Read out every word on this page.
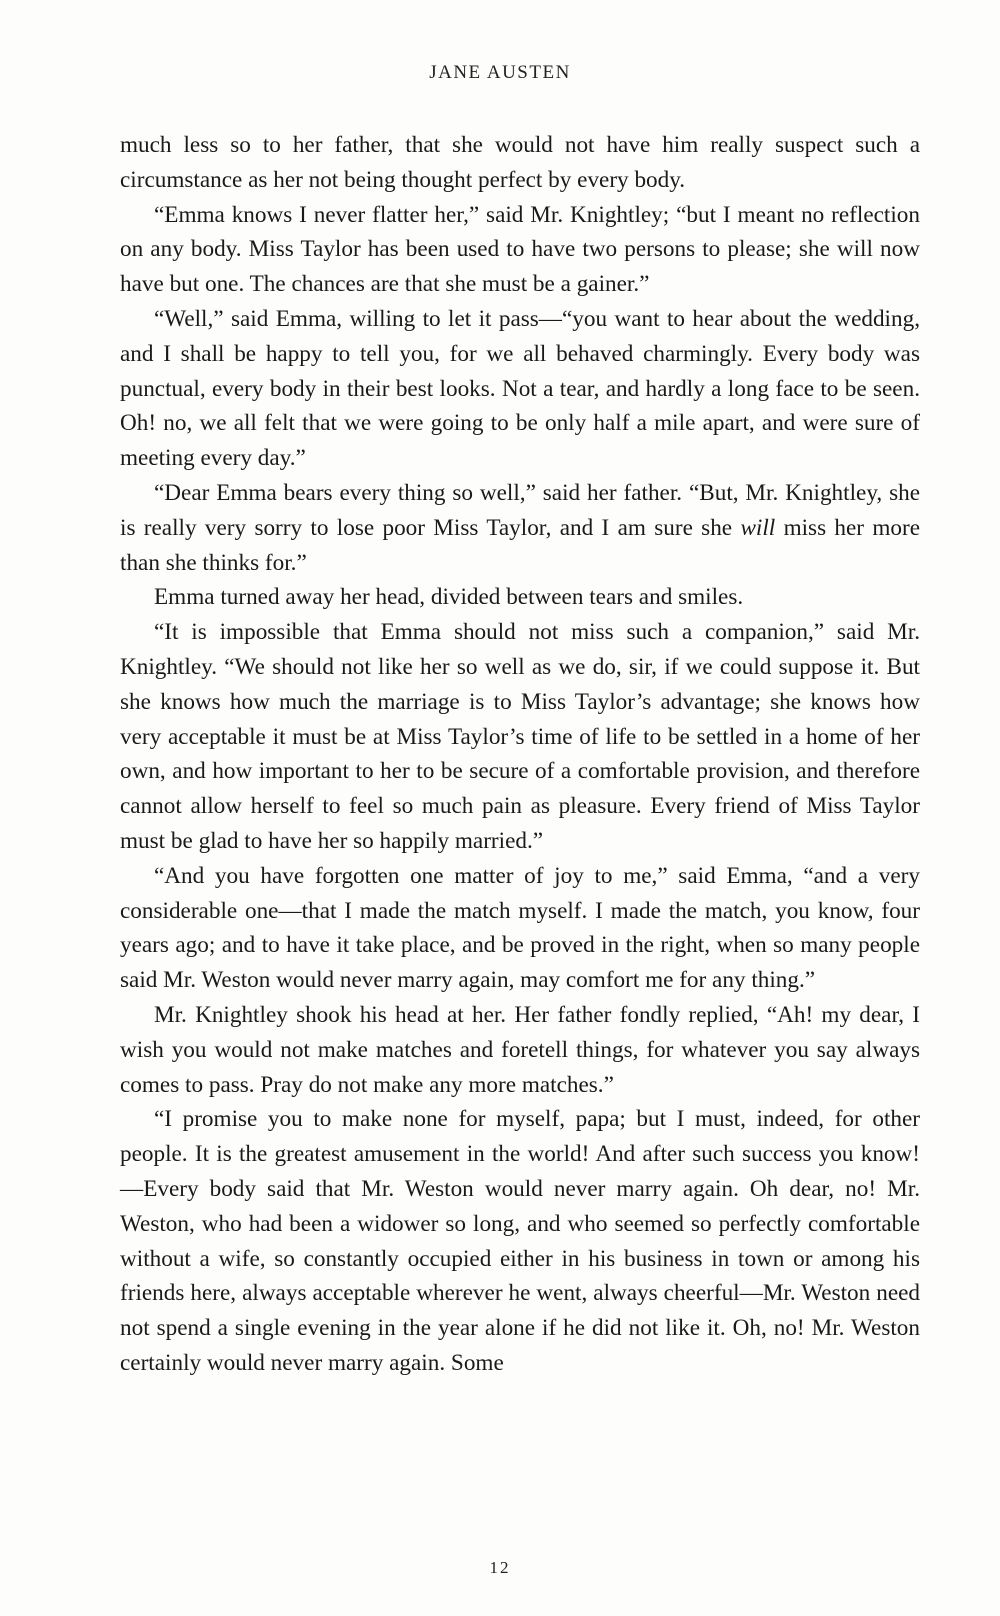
JANE AUSTEN

much less so to her father, that she would not have him really suspect such a circumstance as her not being thought perfect by every body.

“Emma knows I never flatter her,” said Mr. Knightley; “but I meant no reflection on any body. Miss Taylor has been used to have two persons to please; she will now have but one. The chances are that she must be a gainer.”

“Well,” said Emma, willing to let it pass—“you want to hear about the wedding, and I shall be happy to tell you, for we all behaved charmingly. Every body was punctual, every body in their best looks. Not a tear, and hardly a long face to be seen. Oh! no, we all felt that we were going to be only half a mile apart, and were sure of meeting every day.”

“Dear Emma bears every thing so well,” said her father. “But, Mr. Knightley, she is really very sorry to lose poor Miss Taylor, and I am sure she will miss her more than she thinks for.”

Emma turned away her head, divided between tears and smiles.

“It is impossible that Emma should not miss such a companion,” said Mr. Knightley. “We should not like her so well as we do, sir, if we could suppose it. But she knows how much the marriage is to Miss Taylor’s advantage; she knows how very acceptable it must be at Miss Taylor’s time of life to be settled in a home of her own, and how important to her to be secure of a comfortable provision, and therefore cannot allow herself to feel so much pain as pleasure. Every friend of Miss Taylor must be glad to have her so happily married.”

“And you have forgotten one matter of joy to me,” said Emma, “and a very considerable one—that I made the match myself. I made the match, you know, four years ago; and to have it take place, and be proved in the right, when so many people said Mr. Weston would never marry again, may comfort me for any thing.”

Mr. Knightley shook his head at her. Her father fondly replied, “Ah! my dear, I wish you would not make matches and foretell things, for whatever you say always comes to pass. Pray do not make any more matches.”

“I promise you to make none for myself, papa; but I must, indeed, for other people. It is the greatest amusement in the world! And after such success you know!—Every body said that Mr. Weston would never marry again. Oh dear, no! Mr. Weston, who had been a widower so long, and who seemed so perfectly comfortable without a wife, so constantly occupied either in his business in town or among his friends here, always acceptable wherever he went, always cheerful—Mr. Weston need not spend a single evening in the year alone if he did not like it. Oh, no! Mr. Weston certainly would never marry again. Some

12
